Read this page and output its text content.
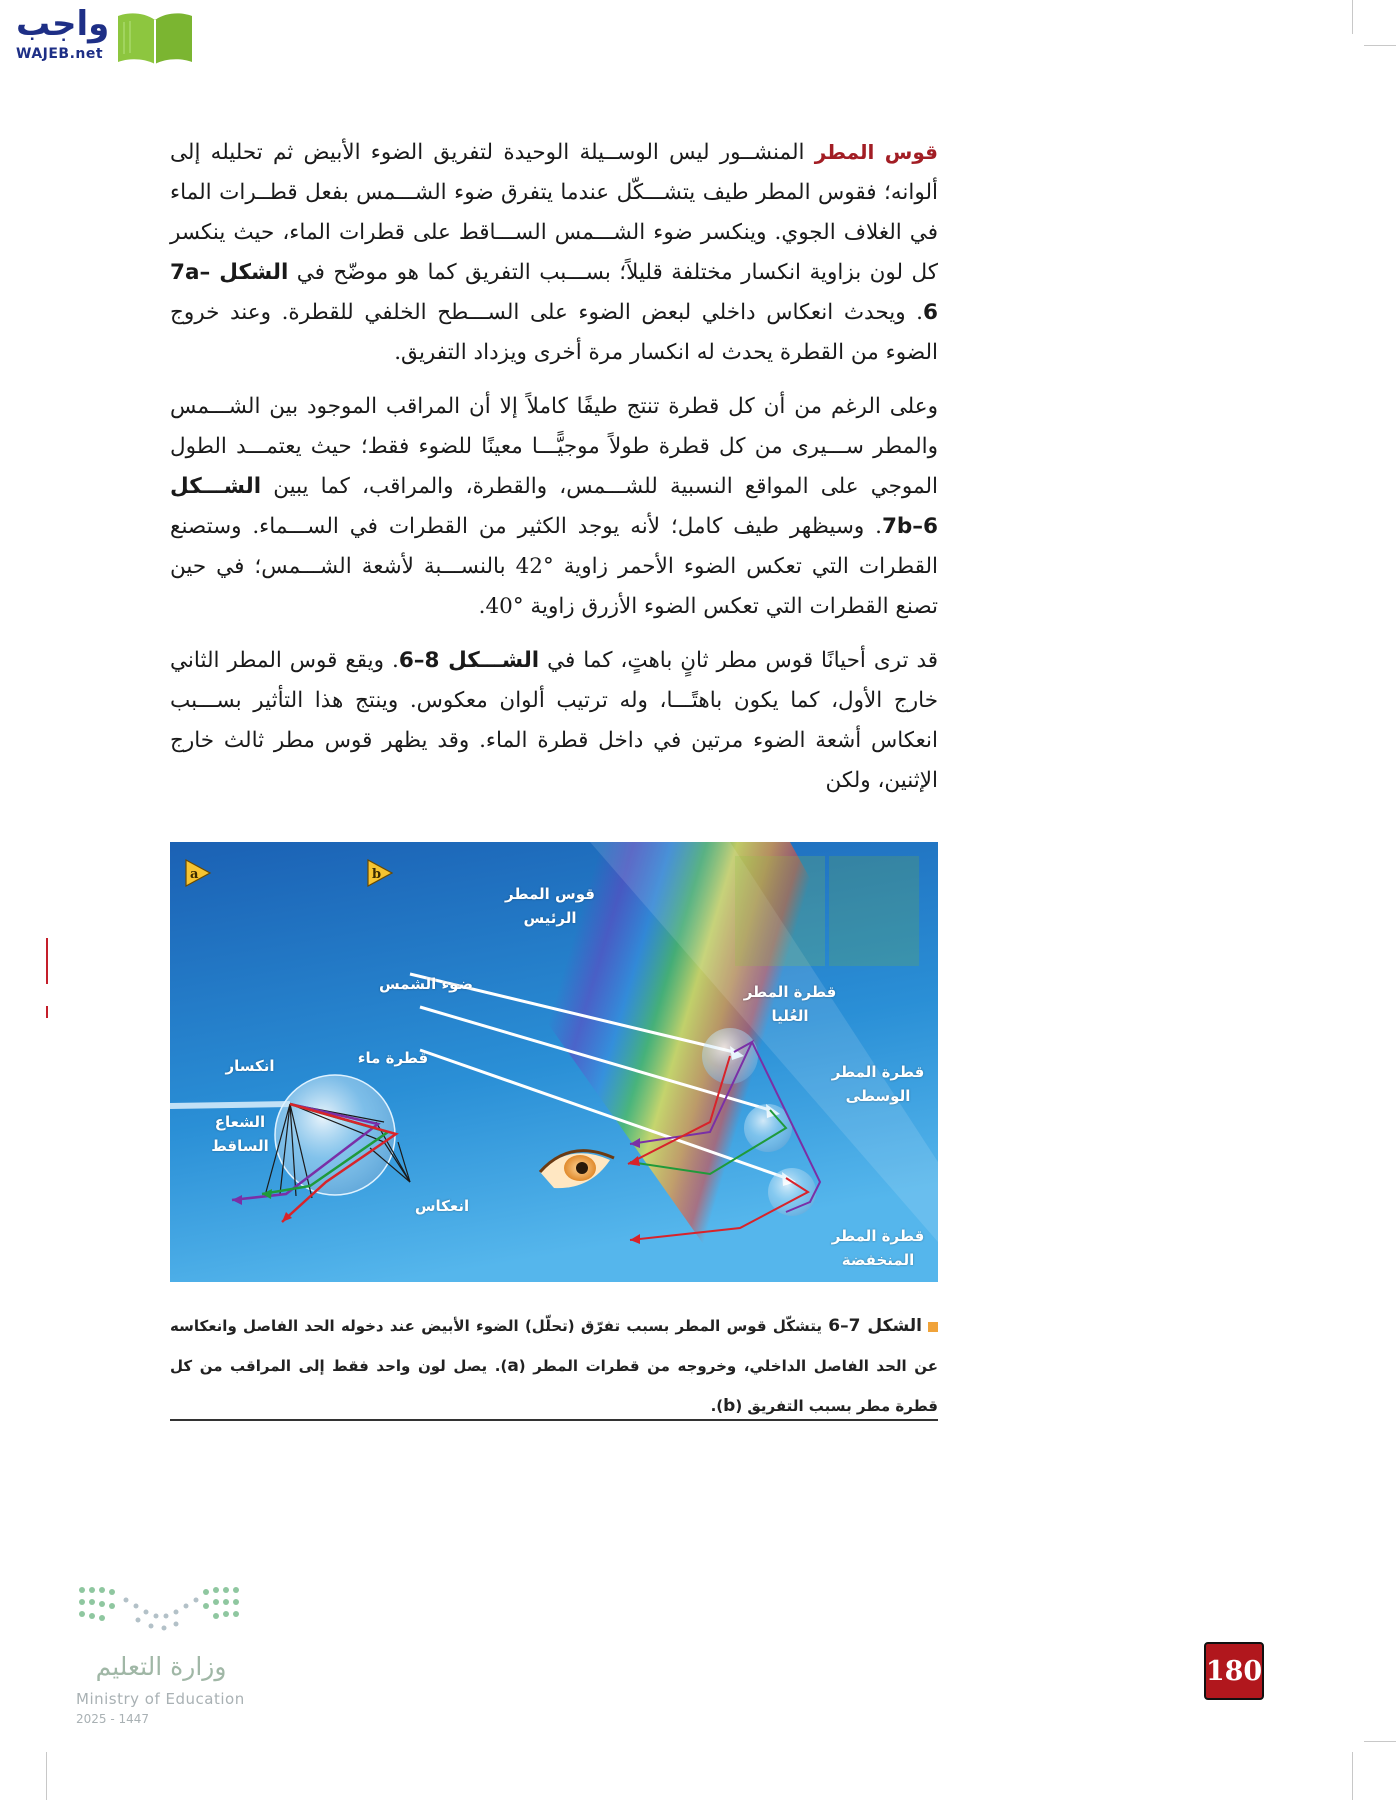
واجب
WAJEB.net

قوس المطر المنشــور ليس الوســيلة الوحيدة لتفريق الضوء الأبيض ثم تحليله إلى ألوانه؛ فقوس المطر طيف يتشـــكّل عندما يتفرق ضوء الشـــمس بفعل قطــرات الماء في الغلاف الجوي. وينكسر ضوء الشـــمس الســـاقط على قطرات الماء، حيث ينكسر كل لون بزاوية انكسار مختلفة قليلاً؛ بســـبب التفريق كما هو موضّح في الشكل 7a–6. ويحدث انعكاس داخلي لبعض الضوء على الســـطح الخلفي للقطرة. وعند خروج الضوء من القطرة يحدث له انكسار مرة أخرى ويزداد التفريق.

وعلى الرغم من أن كل قطرة تنتج طيفًا كاملاً إلا أن المراقب الموجود بين الشـــمس والمطر ســـيرى من كل قطرة طولاً موجيًّـــا معينًا للضوء فقط؛ حيث يعتمـــد الطول الموجي على المواقع النسبية للشـــمس، والقطرة، والمراقب، كما يبين الشـــكل 7b–6. وسيظهر طيف كامل؛ لأنه يوجد الكثير من القطرات في الســـماء. وستصنع القطرات التي تعكس الضوء الأحمر زاوية °42 بالنســـبة لأشعة الشـــمس؛ في حين تصنع القطرات التي تعكس الضوء الأزرق زاوية °40.

قد ترى أحيانًا قوس مطر ثانٍ باهتٍ، كما في الشـــكل 8–6. ويقع قوس المطر الثاني خارج الأول، كما يكون باهتًـــا، وله ترتيب ألوان معكوس. وينتج هذا التأثير بســـبب انعكاس أشعة الضوء مرتين في داخل قطرة الماء. وقد يظهر قوس مطر ثالث خارج الإثنين، ولكن

a	b
قوس المطر
الرئيس
ضوء الشمس	قطرة المطر
العُليا
قطرة ماء
انكسار	قطرة المطر
الوسطى
الشعاع
الساقط
انعكاس
قطرة المطر
المنخفضة
الشكل 7–6 يتشكّل قوس المطر بسبب تفرّق (تحلّل) الضوء الأبيض عند دخوله الحد الفاصل وانعكاسه عن الحد الفاصل الداخلي، وخروجه من قطرات المطر (a). يصل لون واحد فقط إلى المراقب من كل قطرة مطر بسبب التفريق (b).
وزارة التعليم
Ministry of Education
2025 - 1447
180
